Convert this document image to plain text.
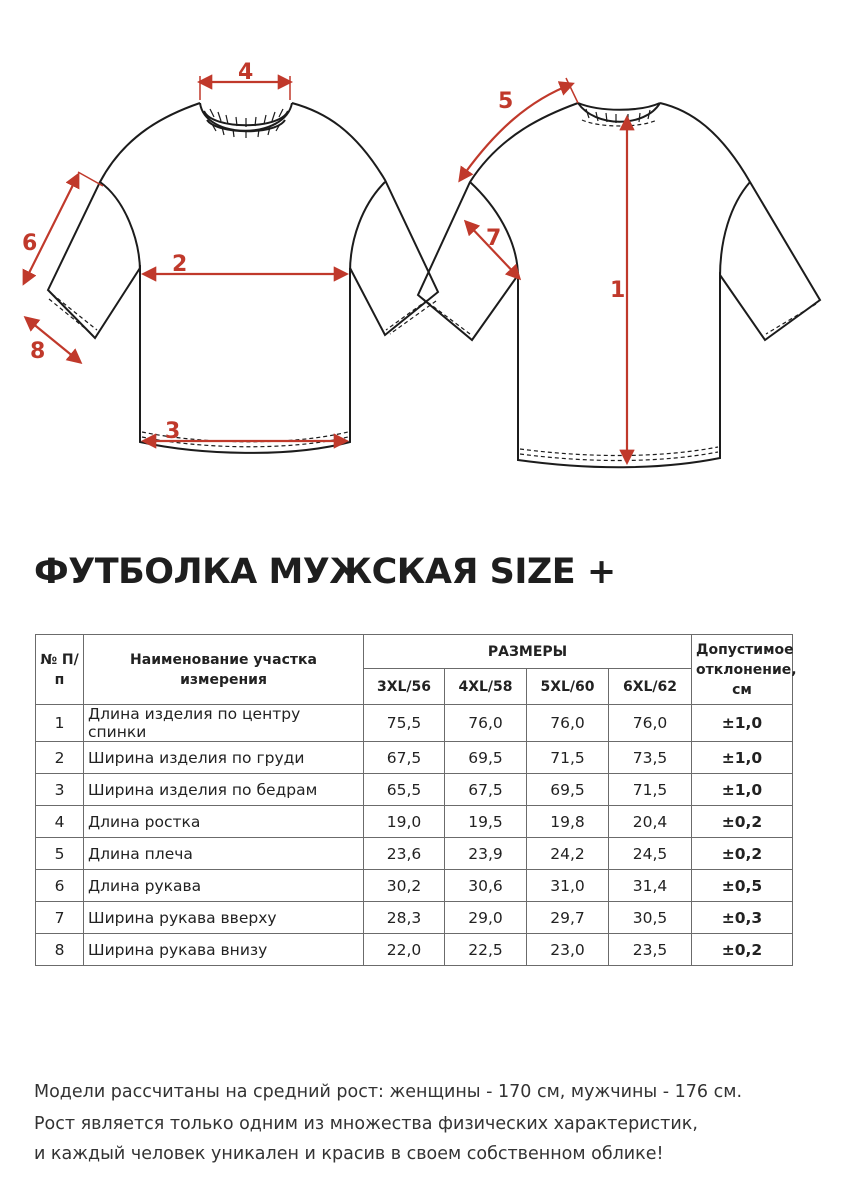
4
2
3
6
8
5
7
1
ФУТБОЛКА МУЖСКАЯ SIZE +
№ П/п	Наименование участка измерения	РАЗМЕРЫ				Допустимое отклонение, см
		3XL/56	4XL/58	5XL/60	6XL/62	
1	Длина изделия по центру спинки	75,5	76,0	76,0	76,0	±1,0
2	Ширина изделия по груди	67,5	69,5	71,5	73,5	±1,0
3	Ширина изделия по бедрам	65,5	67,5	69,5	71,5	±1,0
4	Длина ростка	19,0	19,5	19,8	20,4	±0,2
5	Длина плеча	23,6	23,9	24,2	24,5	±0,2
6	Длина рукава	30,2	30,6	31,0	31,4	±0,5
7	Ширина рукава вверху	28,3	29,0	29,7	30,5	±0,3
8	Ширина рукава внизу	22,0	22,5	23,0	23,5	±0,2
Модели рассчитаны на средний рост: женщины - 170 см, мужчины - 176 см.
Рост является только одним из множества физических характеристик,
и каждый человек уникален и красив в своем собственном облике!
